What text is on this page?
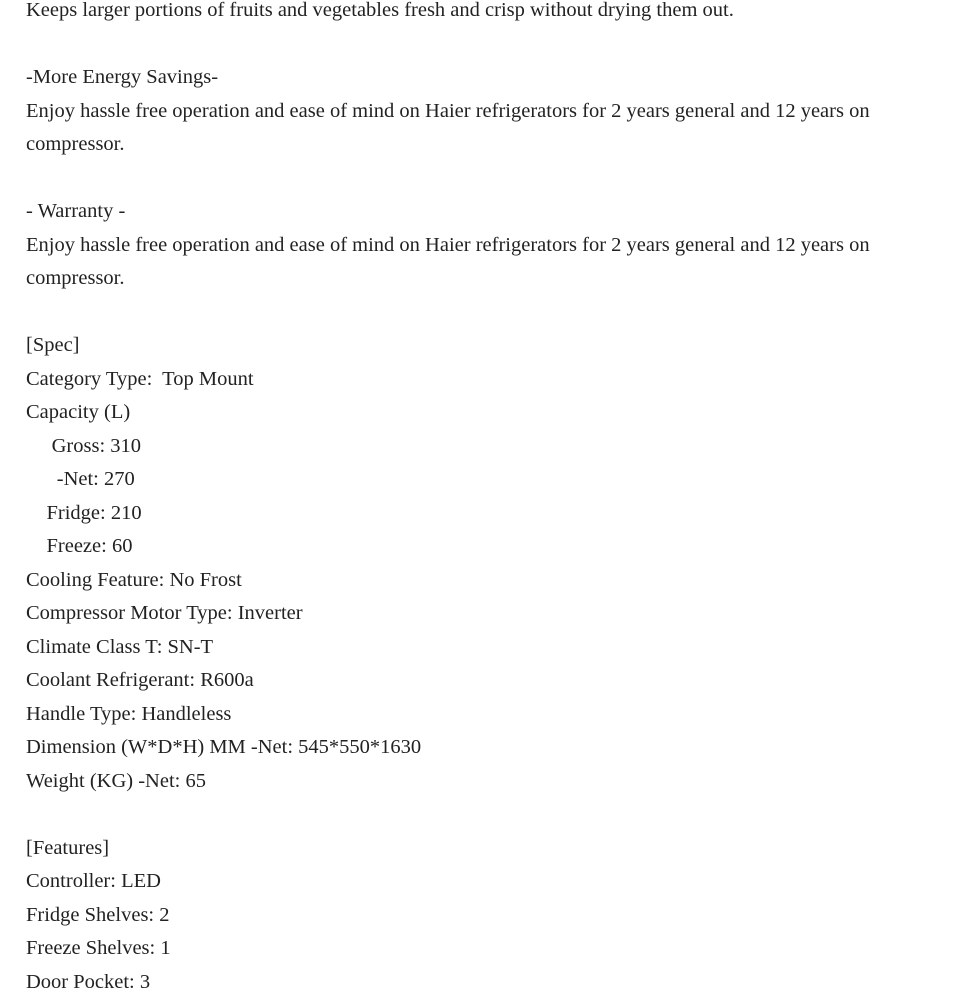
Keeps larger portions of fruits and vegetables fresh and crisp without drying them out.
-More Energy Savings-
Enjoy hassle free operation and ease of mind on Haier refrigerators for 2 years general and 12 years on compressor.
- Warranty -
Enjoy hassle free operation and ease of mind on Haier refrigerators for 2 years general and 12 years on compressor.
[Spec]
Category Type:  Top Mount
Capacity (L)
Gross: 310
-Net: 270
Fridge: 210
Freeze: 60
Cooling Feature: No Frost
Compressor Motor Type: Inverter
Climate Class T: SN-T
Coolant Refrigerant: R600a
Handle Type: Handleless
Dimension (W*D*H) MM -Net: 545*550*1630
Weight (KG) -Net: 65
[Features]
Controller: LED
Fridge Shelves: 2
Freeze Shelves: 1
Door Pocket: 3
